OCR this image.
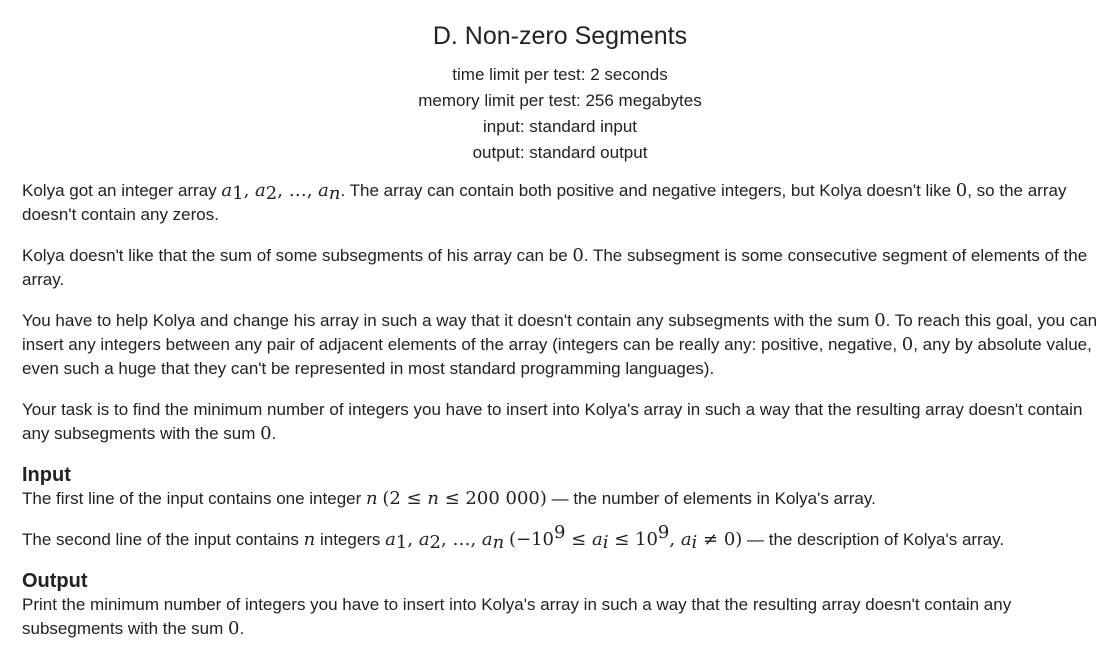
D. Non-zero Segments
time limit per test: 2 seconds
memory limit per test: 256 megabytes
input: standard input
output: standard output

Kolya got an integer array $a_1$, $a_2$, …, $a_n$. The array can contain both positive and negative integers, but Kolya doesn't like 0, so the array doesn't contain any zeros.

Kolya doesn't like that the sum of some subsegments of his array can be 0. The subsegment is some consecutive segment of elements of the array.

You have to help Kolya and change his array in such a way that it doesn't contain any subsegments with the sum 0. To reach this goal, you can insert any integers between any pair of adjacent elements of the array (integers can be really any: positive, negative, 0, any by absolute value, even such a huge that they can't be represented in most standard programming languages).

Your task is to find the minimum number of integers you have to insert into Kolya's array in such a way that the resulting array doesn't contain any subsegments with the sum 0.

Input

The first line of the input contains one integer n (2 ≤ n ≤ 200 000) — the number of elements in Kolya's array.

The second line of the input contains n integers $a_1$, $a_2$, …, $a_n$ ($-10^9 \le a_i \le 10^9$, $a_i \ne 0$) — the description of Kolya's array.

Output

Print the minimum number of integers you have to insert into Kolya's array in such a way that the resulting array doesn't contain any subsegments with the sum 0.
